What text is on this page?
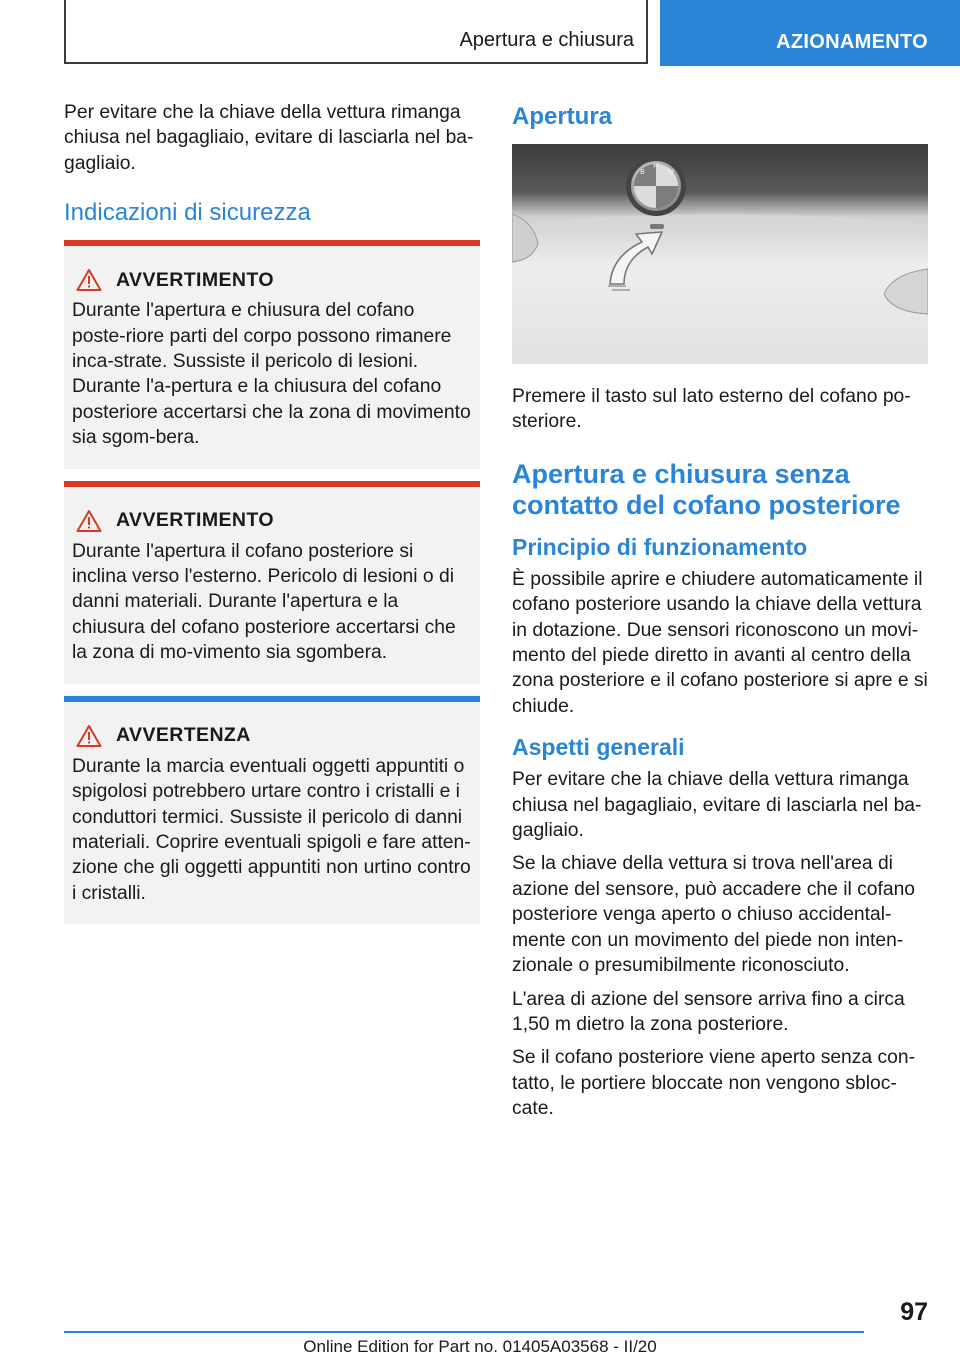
Apertura e chiusura	AZIONAMENTO

Per evitare che la chiave della vettura rimanga chiusa nel bagagliaio, evitare di lasciarla nel ba-gagliaio.

Indicazioni di sicurezza
AVVERTIMENTO

Durante l'apertura e chiusura del cofano poste-riore parti del corpo possono rimanere inca-strate. Sussiste il pericolo di lesioni. Durante l'a-pertura e la chiusura del cofano posteriore accertarsi che la zona di movimento sia sgom-bera.

AVVERTIMENTO

Durante l'apertura il cofano posteriore si inclina verso l'esterno. Pericolo di lesioni o di danni materiali. Durante l'apertura e la chiusura del cofano posteriore accertarsi che la zona di mo-vimento sia sgombera.

AVVERTENZA

Durante la marcia eventuali oggetti appuntiti o spigolosi potrebbero urtare contro i cristalli e i conduttori termici. Sussiste il pericolo di danni materiali. Coprire eventuali spigoli e fare atten-zione che gli oggetti appuntiti non urtino contro i cristalli.

Apertura
B
M
W

Premere il tasto sul lato esterno del cofano po-steriore.

Apertura e chiusura senza contatto del cofano posteriore
Principio di funzionamento

È possibile aprire e chiudere automaticamente il cofano posteriore usando la chiave della vettura in dotazione. Due sensori riconoscono un movi-mento del piede diretto in avanti al centro della zona posteriore e il cofano posteriore si apre e si chiude.

Aspetti generali

Per evitare che la chiave della vettura rimanga chiusa nel bagagliaio, evitare di lasciarla nel ba-gagliaio.

Se la chiave della vettura si trova nell'area di azione del sensore, può accadere che il cofano posteriore venga aperto o chiuso accidental-mente con un movimento del piede non inten-zionale o presumibilmente riconosciuto.

L'area di azione del sensore arriva fino a circa 1,50 m dietro la zona posteriore.

Se il cofano posteriore viene aperto senza con-tatto, le portiere bloccate non vengono sbloc-cate.

97
Online Edition for Part no. 01405A03568 - II/20
